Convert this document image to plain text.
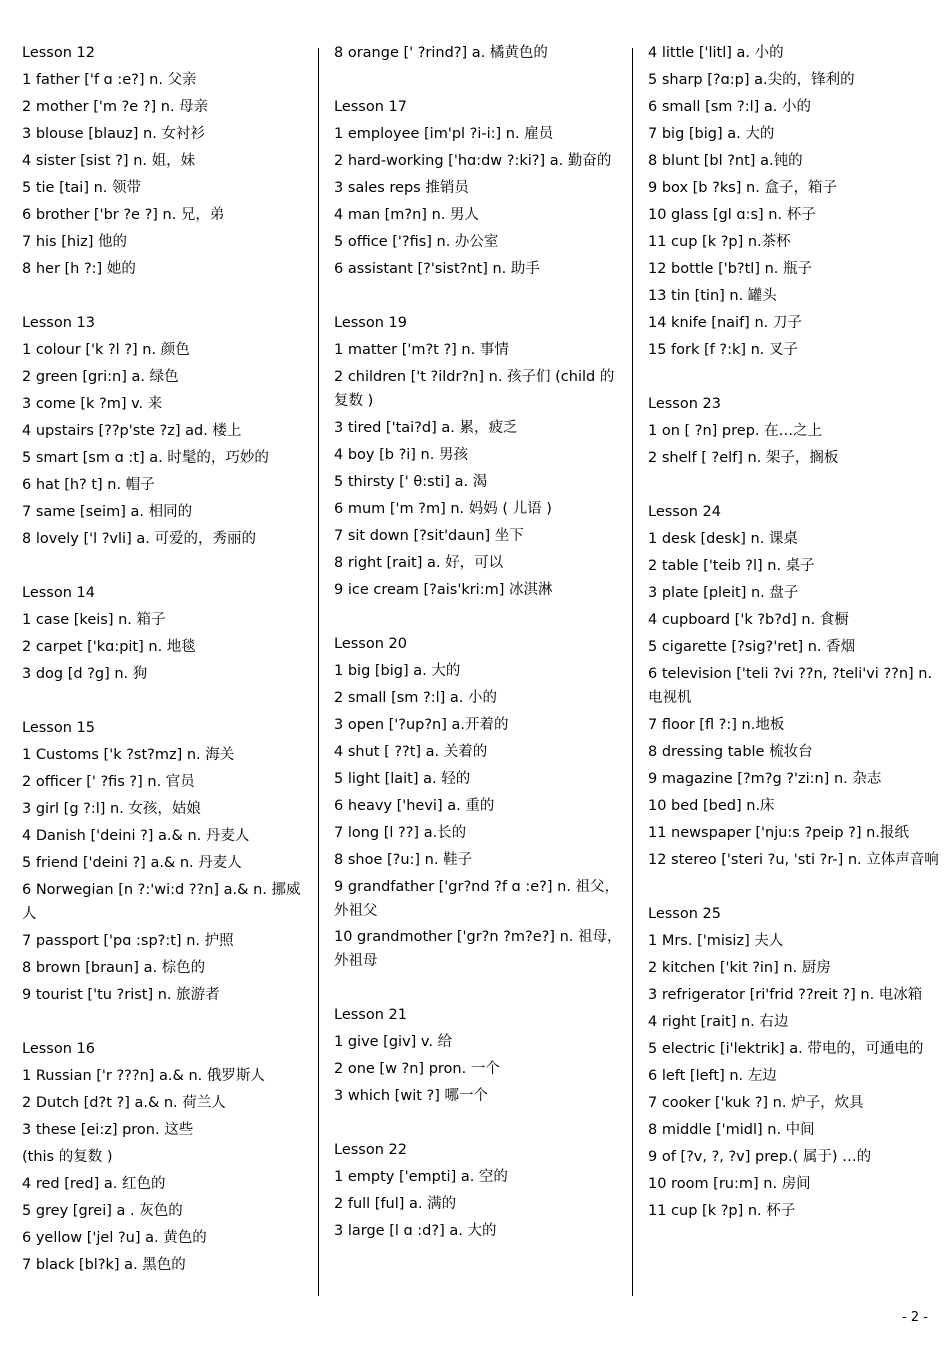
Lesson 12
1 father ['f ɑ :e?] n. 父亲
2 mother ['m ?e ?] n. 母亲
3 blouse [blauz] n. 女衬衫
4 sister [sist ?] n. 姐，妹
5 tie [tai] n. 领带
6 brother ['br ?e ?] n. 兄，弟
7 his [hiz] 他的
8 her [h ?:] 她的
Lesson 13
1 colour ['k ?l ?] n. 颜色
2 green [gri:n] a. 绿色
3 come [k ?m] v. 来
4 upstairs [??p'ste ?z] ad. 楼上
5 smart [sm ɑ :t] a. 时髦的，巧妙的
6 hat [h? t] n. 帽子
7 same [seim] a. 相同的
8 lovely ['l ?vli] a. 可爱的，秀丽的
Lesson 14
1 case [keis] n. 箱子
2 carpet ['kɑ:pit] n. 地毯
3 dog [d ?g] n. 狗
Lesson 15
1 Customs ['k ?st?mz] n. 海关
2 officer [' ?fis ?] n. 官员
3 girl [g ?:l] n. 女孩，姑娘
4 Danish ['deini ?] a.& n. 丹麦人
5 friend ['deini ?] a.& n. 丹麦人
6 Norwegian [n ?:'wi:d ??n] a.& n. 挪威人
7 passport ['pɑ :sp?:t] n. 护照
8 brown [braun] a. 棕色的
9 tourist ['tu ?rist] n. 旅游者
Lesson 16
1 Russian ['r ???n] a.& n. 俄罗斯人
2 Dutch [d?t ?] a.& n. 荷兰人
3 these [ei:z] pron. 这些
(this 的复数 )
4 red [red] a. 红色的
5 grey [grei] a . 灰色的
6 yellow ['jel ?u] a. 黄色的
7 black [bl?k] a. 黑色的
8 orange [' ?rind?] a. 橘黄色的
Lesson 17
1 employee [im'pl ?i-i:] n. 雇员
2 hard-working ['hɑ:dw ?:ki?] a. 勤奋的
3 sales reps 推销员
4 man [m?n] n. 男人
5 office ['?fis] n. 办公室
6 assistant [?'sist?nt] n. 助手
Lesson 19
1 matter ['m?t ?] n. 事情
2 children ['t ?ildr?n] n. 孩子们 (child 的复数 )
3 tired ['tai?d] a. 累，疲乏
4 boy [b ?i] n. 男孩
5 thirsty [' θ:sti] a. 渴
6 mum ['m ?m] n. 妈妈 ( 儿语 )
7 sit down [?sit'daun] 坐下
8 right [rait] a. 好，可以
9 ice cream [?ais'kri:m] 冰淇淋
Lesson 20
1 big [big] a. 大的
2 small [sm ?:l] a. 小的
3 open ['?up?n] a.开着的
4 shut [ ??t] a. 关着的
5 light [lait] a. 轻的
6 heavy ['hevi] a. 重的
7 long [l ??] a.长的
8 shoe [?u:] n. 鞋子
9 grandfather ['gr?nd ?f ɑ :e?] n. 祖父，外祖父
10 grandmother ['gr?n ?m?e?] n. 祖母，外祖母
Lesson 21
1 give [giv] v. 给
2 one [w ?n] pron. 一个
3 which [wit ?] 哪一个
Lesson 22
1 empty ['empti] a. 空的
2 full [ful] a. 满的
3 large [l ɑ :d?] a. 大的
4 little ['litl] a. 小的
5 sharp [?ɑ:p] a.尖的，锋利的
6 small [sm ?:l] a. 小的
7 big [big] a. 大的
8 blunt [bl ?nt] a.钝的
9 box [b ?ks] n. 盒子，箱子
10 glass [gl ɑ:s] n. 杯子
11 cup [k ?p] n.茶杯
12 bottle ['b?tl] n. 瓶子
13 tin [tin] n. 罐头
14 knife [naif] n. 刀子
15 fork [f ?:k] n. 叉子
Lesson 23
1 on [ ?n] prep. 在…之上
2 shelf [ ?elf] n. 架子，搁板
Lesson 24
1 desk [desk] n. 课桌
2 table ['teib ?l] n. 桌子
3 plate [pleit] n. 盘子
4 cupboard ['k ?b?d] n. 食橱
5 cigarette [?sig?'ret] n. 香烟
6 television ['teli ?vi ??n, ?teli'vi ??n] n. 电视机
7 floor [fl ?:] n.地板
8 dressing table 梳妆台
9 magazine [?m?g ?'zi:n] n. 杂志
10 bed [bed] n.床
11 newspaper ['nju:s ?peip ?] n.报纸
12 stereo ['steri ?u, 'sti ?r-] n. 立体声音响
Lesson 25
1 Mrs. ['misiz] 夫人
2 kitchen ['kit ?in] n. 厨房
3 refrigerator [ri'frid ??reit ?] n. 电冰箱
4 right [rait] n. 右边
5 electric [i'lektrik] a. 带电的，可通电的
6 left [left] n. 左边
7 cooker ['kuk ?] n. 炉子，炊具
8 middle ['midl] n. 中间
9 of [?v, ?, ?v] prep.( 属于) …的
10 room [ru:m] n. 房间
11 cup [k ?p] n. 杯子
- 2 -
